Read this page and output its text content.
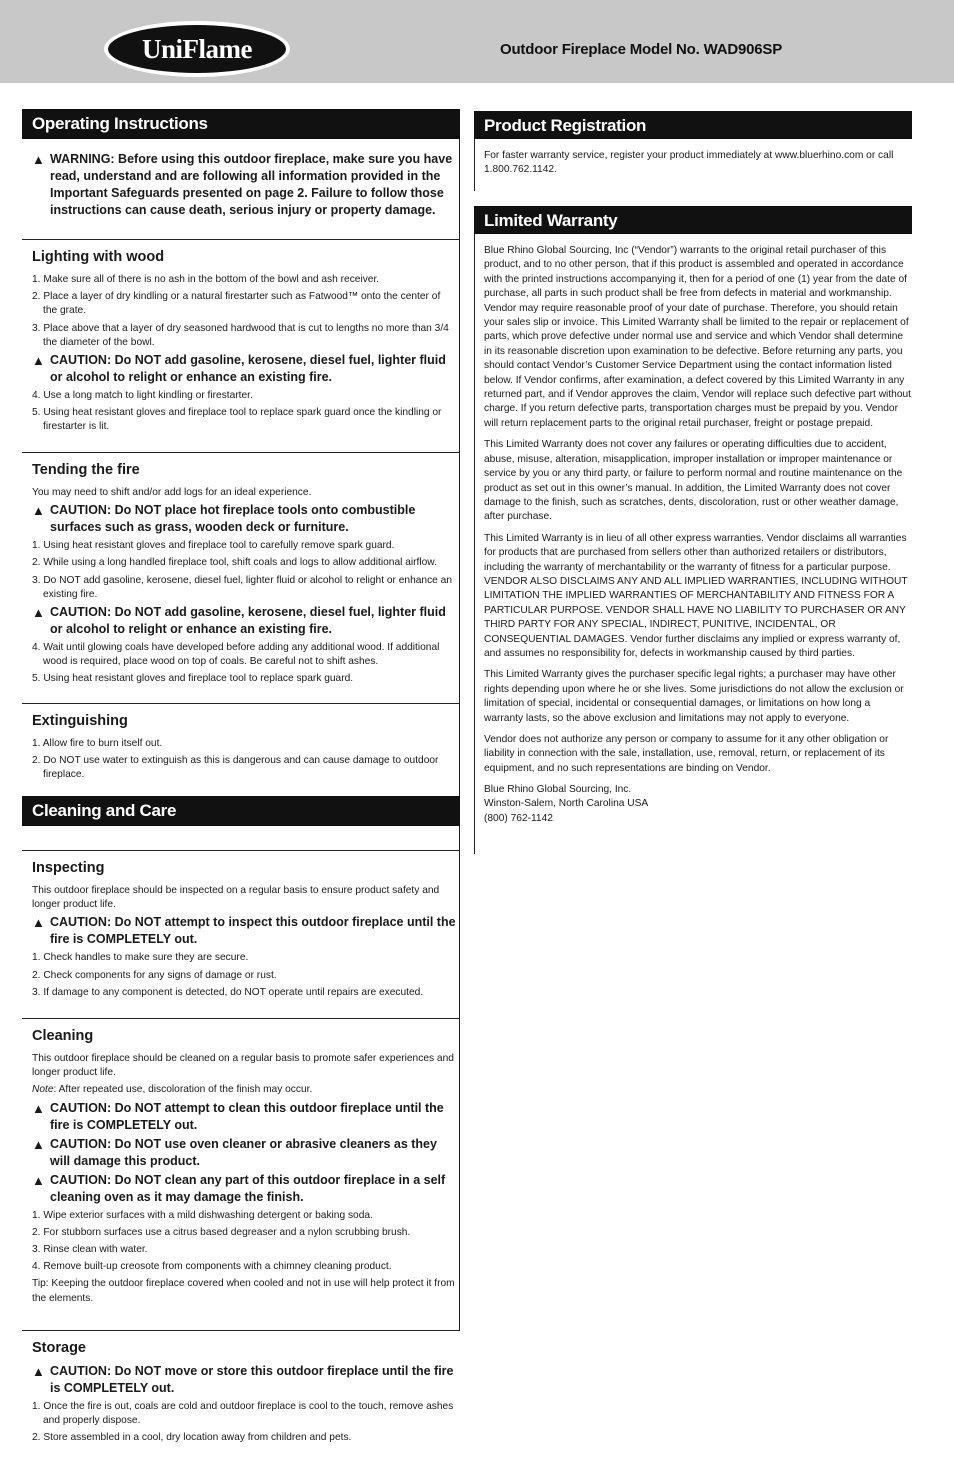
UniFlame	Outdoor Fireplace Model No. WAD906SP
Operating Instructions
▲ WARNING: Before using this outdoor fireplace, make sure you have read, understand and are following all information provided in the Important Safeguards presented on page 2. Failure to follow those instructions can cause death, serious injury or property damage.
Lighting with wood
1. Make sure all of there is no ash in the bottom of the bowl and ash receiver.
2. Place a layer of dry kindling or a natural firestarter such as Fatwood™ onto the center of the grate.
3. Place above that a layer of dry seasoned hardwood that is cut to lengths no more than 3/4 the diameter of the bowl.
▲ CAUTION: Do NOT add gasoline, kerosene, diesel fuel, lighter fluid or alcohol to relight or enhance an existing fire.
4. Use a long match to light kindling or firestarter.
5. Using heat resistant gloves and fireplace tool to replace spark guard once the kindling or firestarter is lit.
Tending the fire

You may need to shift and/or add logs for an ideal experience.

▲ CAUTION: Do NOT place hot fireplace tools onto combustible surfaces such as grass, wooden deck or furniture.
1. Using heat resistant gloves and fireplace tool to carefully remove spark guard.
2. While using a long handled fireplace tool, shift coals and logs to allow additional airflow.
3. Do NOT add gasoline, kerosene, diesel fuel, lighter fluid or alcohol to relight or enhance an existing fire.
▲ CAUTION: Do NOT add gasoline, kerosene, diesel fuel, lighter fluid or alcohol to relight or enhance an existing fire.
4. Wait until glowing coals have developed before adding any additional wood. If additional wood is required, place wood on top of coals. Be careful not to shift ashes.
5. Using heat resistant gloves and fireplace tool to replace spark guard.
Extinguishing
1. Allow fire to burn itself out.
2. Do NOT use water to extinguish as this is dangerous and can cause damage to outdoor fireplace.
Cleaning and Care
Inspecting

This outdoor fireplace should be inspected on a regular basis to ensure product safety and longer product life.

▲ CAUTION: Do NOT attempt to inspect this outdoor fireplace until the fire is COMPLETELY out.
1. Check handles to make sure they are secure.
2. Check components for any signs of damage or rust.
3. If damage to any component is detected, do NOT operate until repairs are executed.
Cleaning

This outdoor fireplace should be cleaned on a regular basis to promote safer experiences and longer product life.

Note: After repeated use, discoloration of the finish may occur.
▲ CAUTION: Do NOT attempt to clean this outdoor fireplace until the fire is COMPLETELY out.
▲ CAUTION: Do NOT use oven cleaner or abrasive cleaners as they will damage this product.
▲ CAUTION: Do NOT clean any part of this outdoor fireplace in a self cleaning oven as it may damage the finish.
1. Wipe exterior surfaces with a mild dishwashing detergent or baking soda.
2. For stubborn surfaces use a citrus based degreaser and a nylon scrubbing brush.
3. Rinse clean with water.
4. Remove built-up creosote from components with a chimney cleaning product.
Tip: Keeping the outdoor fireplace covered when cooled and not in use will help protect it from the elements.
Storage
▲ CAUTION: Do NOT move or store this outdoor fireplace until the fire is COMPLETELY out.
1. Once the fire is out, coals are cold and outdoor fireplace is cool to the touch, remove ashes and properly dispose.
2. Store assembled in a cool, dry location away from children and pets.
Product Registration

For faster warranty service, register your product immediately at www.bluerhino.com or call 1.800.762.1142.

Limited Warranty

Blue Rhino Global Sourcing, Inc (“Vendor”) warrants to the original retail purchaser of this product, and to no other person, that if this product is assembled and operated in accordance with the printed instructions accompanying it, then for a period of one (1) year from the date of purchase, all parts in such product shall be free from defects in material and workmanship. Vendor may require reasonable proof of your date of purchase. Therefore, you should retain your sales slip or invoice. This Limited Warranty shall be limited to the repair or replacement of parts, which prove defective under normal use and service and which Vendor shall determine in its reasonable discretion upon examination to be defective. Before returning any parts, you should contact Vendor’s Customer Service Department using the contact information listed below. If Vendor confirms, after examination, a defect covered by this Limited Warranty in any returned part, and if Vendor approves the claim, Vendor will replace such defective part without charge. If you return defective parts, transportation charges must be prepaid by you. Vendor will return replacement parts to the original retail purchaser, freight or postage prepaid.

This Limited Warranty does not cover any failures or operating difficulties due to accident, abuse, misuse, alteration, misapplication, improper installation or improper maintenance or service by you or any third party, or failure to perform normal and routine maintenance on the product as set out in this owner’s manual. In addition, the Limited Warranty does not cover damage to the finish, such as scratches, dents, discoloration, rust or other weather damage, after purchase.

This Limited Warranty is in lieu of all other express warranties. Vendor disclaims all warranties for products that are purchased from sellers other than authorized retailers or distributors, including the warranty of merchantability or the warranty of fitness for a particular purpose. VENDOR ALSO DISCLAIMS ANY AND ALL IMPLIED WARRANTIES, INCLUDING WITHOUT LIMITATION THE IMPLIED WARRANTIES OF MERCHANTABILITY AND FITNESS FOR A PARTICULAR PURPOSE. VENDOR SHALL HAVE NO LIABILITY TO PURCHASER OR ANY THIRD PARTY FOR ANY SPECIAL, INDIRECT, PUNITIVE, INCIDENTAL, OR CONSEQUENTIAL DAMAGES. Vendor further disclaims any implied or express warranty of, and assumes no responsibility for, defects in workmanship caused by third parties.

This Limited Warranty gives the purchaser specific legal rights; a purchaser may have other rights depending upon where he or she lives. Some jurisdictions do not allow the exclusion or limitation of special, incidental or consequential damages, or limitations on how long a warranty lasts, so the above exclusion and limitations may not apply to everyone.

Vendor does not authorize any person or company to assume for it any other obligation or liability in connection with the sale, installation, use, removal, return, or replacement of its equipment, and no such representations are binding on Vendor.

Blue Rhino Global Sourcing, Inc.

Winston-Salem, North Carolina USA

(800) 762-1142
